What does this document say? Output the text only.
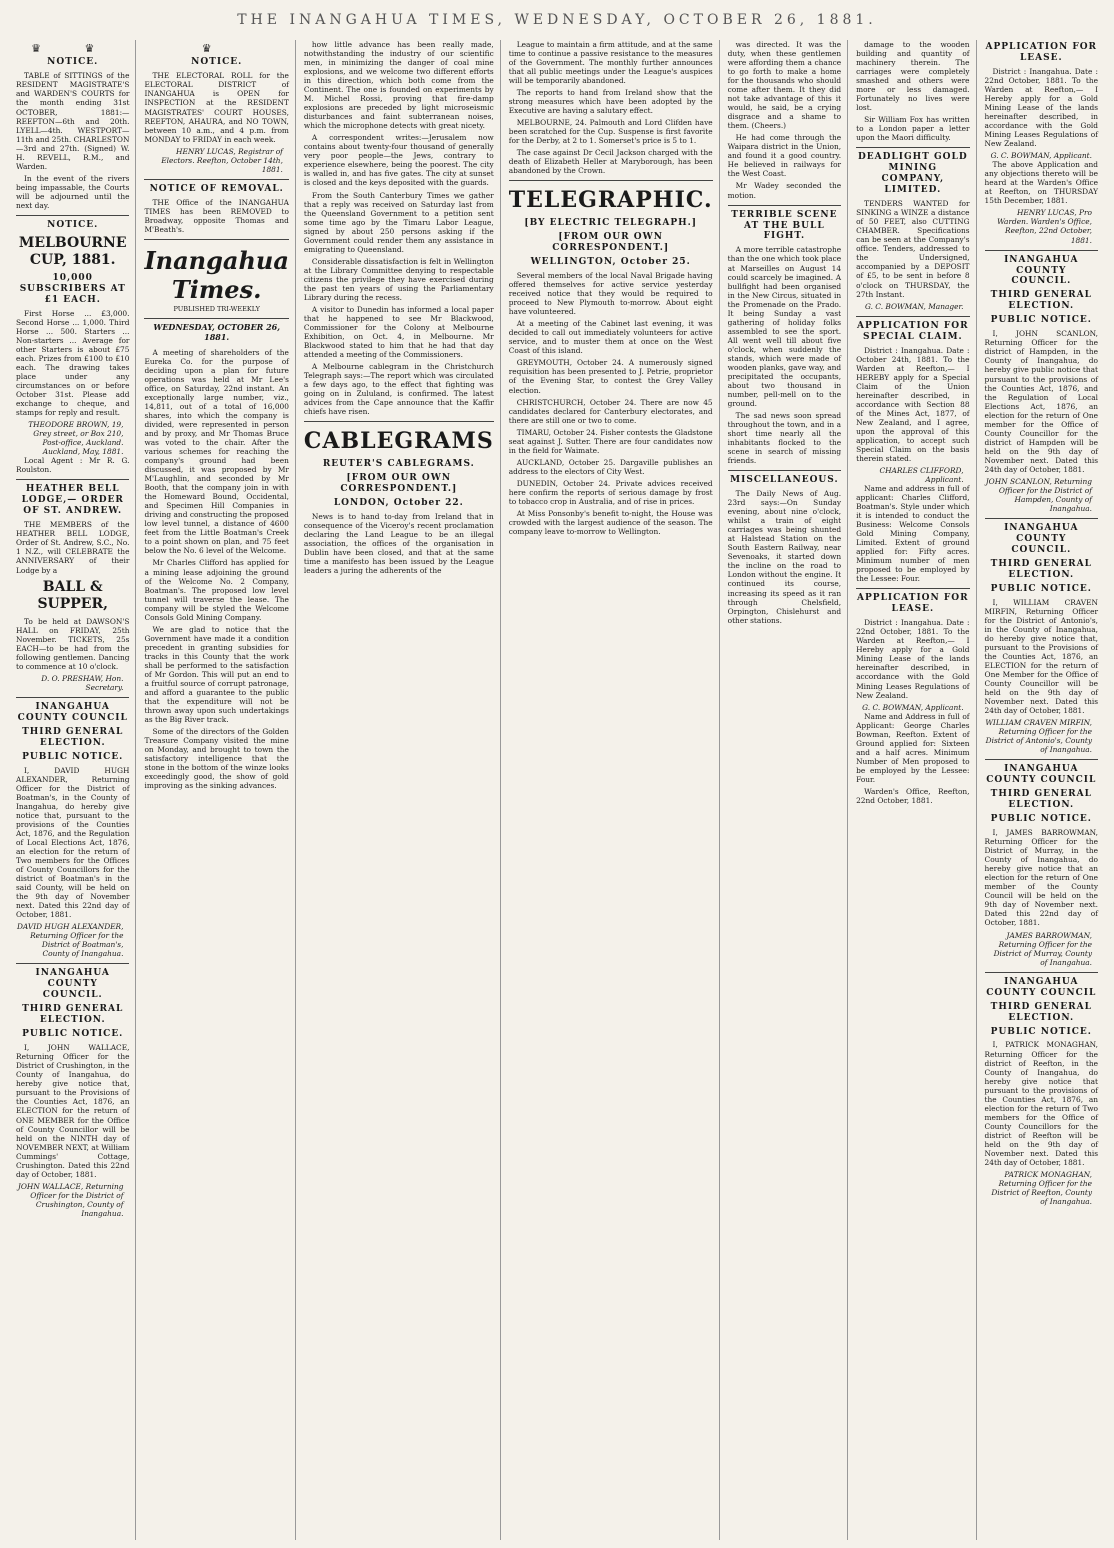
THE INANGAHUA TIMES, WEDNESDAY, OCTOBER 26, 1881.
♛ ♛
NOTICE.

TABLE of SITTINGS of the RESIDENT MAGISTRATE'S and WARDEN'S COURTS for the month ending 31st OCTOBER, 1881:— REEFTON—6th and 20th. LYELL—4th. WESTPORT—11th and 25th. CHARLESTON—3rd and 27th. (Signed) W. H. REVELL, R.M., and Warden.

In the event of the rivers being impassable, the Courts will be adjourned until the next day.

NOTICE.
MELBOURNE CUP, 1881.
10,000 SUBSCRIBERS AT £1 EACH.

First Horse ... £3,000. Second Horse ... 1,000. Third Horse ... 500. Starters ... Non-starters ... Average for other Starters is about £75 each. Prizes from £100 to £10 each. The drawing takes place under any circumstances on or before October 31st. Please add exchange to cheque, and stamps for reply and result.

THEODORE BROWN, 19, Grey street, or Box 210, Post-office, Auckland. Auckland, May, 1881.

Local Agent : Mr R. G. Roulston.

HEATHER BELL LODGE,— ORDER OF ST. ANDREW.

THE MEMBERS of the HEATHER BELL LODGE, Order of St. Andrew, S.C., No. 1 N.Z., will CELEBRATE the ANNIVERSARY of their Lodge by a

BALL & SUPPER,

To be held at DAWSON'S HALL on FRIDAY, 25th November. TICKETS, 25s EACH—to be had from the following gentlemen. Dancing to commence at 10 o'clock.

D. O. PRESHAW, Hon. Secretary.
INANGAHUA COUNTY COUNCIL
THIRD GENERAL ELECTION.
PUBLIC NOTICE.

I, DAVID HUGH ALEXANDER, Returning Officer for the District of Boatman's, in the County of Inangahua, do hereby give notice that, pursuant to the provisions of the Counties Act, 1876, and the Regulation of Local Elections Act, 1876, an election for the return of Two members for the Offices of County Councillors for the district of Boatman's in the said County, will be held on the 9th day of November next. Dated this 22nd day of October, 1881.

DAVID HUGH ALEXANDER, Returning Officer for the District of Boatman's, County of Inangahua.
INANGAHUA COUNTY COUNCIL.
THIRD GENERAL ELECTION.
PUBLIC NOTICE.

I, JOHN WALLACE, Returning Officer for the District of Crushington, in the County of Inangahua, do hereby give notice that, pursuant to the Provisions of the Counties Act, 1876, an ELECTION for the return of ONE MEMBER for the Office of County Councillor will be held on the NINTH day of NOVEMBER NEXT, at William Cummings' Cottage, Crushington. Dated this 22nd day of October, 1881.

JOHN WALLACE, Returning Officer for the District of Crushington, County of Inangahua.
♛
NOTICE.

THE ELECTORAL ROLL for the ELECTORAL DISTRICT of INANGAHUA is OPEN for INSPECTION at the RESIDENT MAGISTRATES' COURT HOUSES, REEFTON, AHAURA, and NO TOWN, between 10 a.m., and 4 p.m. from MONDAY to FRIDAY in each week.

HENRY LUCAS, Registrar of Electors. Reefton, October 14th, 1881.
NOTICE OF REMOVAL.

THE Office of the INANGAHUA TIMES has been REMOVED to Broadway, opposite Thomas and M'Beath's.

Inangahua Times.
PUBLISHED TRI-WEEKLY
WEDNESDAY, OCTOBER 26, 1881.

A meeting of shareholders of the Eureka Co. for the purpose of deciding upon a plan for future operations was held at Mr Lee's office, on Saturday, 22nd instant. An exceptionally large number, viz., 14,811, out of a total of 16,000 shares, into which the company is divided, were represented in person and by proxy, and Mr Thomas Bruce was voted to the chair. After the various schemes for reaching the company's ground had been discussed, it was proposed by Mr M'Laughlin, and seconded by Mr Booth, that the company join in with the Homeward Bound, Occidental, and Specimen Hill Companies in driving and constructing the proposed low level tunnel, a distance of 4600 feet from the Little Boatman's Creek to a point shown on plan, and 75 feet below the No. 6 level of the Welcome.

Mr Charles Clifford has applied for a mining lease adjoining the ground of the Welcome No. 2 Company, Boatman's. The proposed low level tunnel will traverse the lease. The company will be styled the Welcome Consols Gold Mining Company.

We are glad to notice that the Government have made it a condition precedent in granting subsidies for tracks in this County that the work shall be performed to the satisfaction of Mr Gordon. This will put an end to a fruitful source of corrupt patronage, and afford a guarantee to the public that the expenditure will not be thrown away upon such undertakings as the Big River track.

Some of the directors of the Golden Treasure Company visited the mine on Monday, and brought to town the satisfactory intelligence that the stone in the bottom of the winze looks exceedingly good, the show of gold improving as the sinking advances.

how little advance has been really made, notwithstanding the industry of our scientific men, in minimizing the danger of coal mine explosions, and we welcome two different efforts in this direction, which both come from the Continent. The one is founded on experiments by M. Michel Rossi, proving that fire-damp explosions are preceded by light microseismic disturbances and faint subterranean noises, which the microphone detects with great nicety.

A correspondent writes:—Jerusalem now contains about twenty-four thousand of generally very poor people—the Jews, contrary to experience elsewhere, being the poorest. The city is walled in, and has five gates. The city at sunset is closed and the keys deposited with the guards.

From the South Canterbury Times we gather that a reply was received on Saturday last from the Queensland Government to a petition sent some time ago by the Timaru Labor League, signed by about 250 persons asking if the Government could render them any assistance in emigrating to Queensland.

Considerable dissatisfaction is felt in Wellington at the Library Committee denying to respectable citizens the privilege they have exercised during the past ten years of using the Parliamentary Library during the recess.

A visitor to Dunedin has informed a local paper that he happened to see Mr Blackwood, Commissioner for the Colony at Melbourne Exhibition, on Oct. 4, in Melbourne. Mr Blackwood stated to him that he had that day attended a meeting of the Commissioners.

A Melbourne cablegram in the Christchurch Telegraph says:—The report which was circulated a few days ago, to the effect that fighting was going on in Zululand, is confirmed. The latest advices from the Cape announce that the Kaffir chiefs have risen.

CABLEGRAMS
REUTER'S CABLEGRAMS.
[FROM OUR OWN CORRESPONDENT.]
LONDON, October 22.

News is to hand to-day from Ireland that in consequence of the Viceroy's recent proclamation declaring the Land League to be an illegal association, the offices of the organisation in Dublin have been closed, and that at the same time a manifesto has been issued by the League leaders a juring the adherents of the

League to maintain a firm attitude, and at the same time to continue a passive resistance to the measures of the Government. The monthly further announces that all public meetings under the League's auspices will be temporarily abandoned.

The reports to hand from Ireland show that the strong measures which have been adopted by the Executive are having a salutary effect.

MELBOURNE, 24. Palmouth and Lord Clifden have been scratched for the Cup. Suspense is first favorite for the Derby, at 2 to 1. Somerset's price is 5 to 1.

The case against Dr Cecil Jackson charged with the death of Elizabeth Heller at Maryborough, has been abandoned by the Crown.

TELEGRAPHIC.
[BY ELECTRIC TELEGRAPH.]
[FROM OUR OWN CORRESPONDENT.]
WELLINGTON, October 25.

Several members of the local Naval Brigade having offered themselves for active service yesterday received notice that they would be required to proceed to New Plymouth to-morrow. About eight have volunteered.

At a meeting of the Cabinet last evening, it was decided to call out immediately volunteers for active service, and to muster them at once on the West Coast of this island.

GREYMOUTH, October 24. A numerously signed requisition has been presented to J. Petrie, proprietor of the Evening Star, to contest the Grey Valley election.

CHRISTCHURCH, October 24. There are now 45 candidates declared for Canterbury electorates, and there are still one or two to come.

TIMARU, October 24. Fisher contests the Gladstone seat against J. Sutter. There are four candidates now in the field for Waimate.

AUCKLAND, October 25. Dargaville publishes an address to the electors of City West.

DUNEDIN, October 24. Private advices received here confirm the reports of serious damage by frost to tobacco crop in Australia, and of rise in prices.

At Miss Ponsonby's benefit to-night, the House was crowded with the largest audience of the season. The company leave to-morrow to Wellington.

was directed. It was the duty, when these gentlemen were affording them a chance to go forth to make a home for the thousands who should come after them. It they did not take advantage of this it would, he said, be a crying disgrace and a shame to them. (Cheers.)

He had come through the Waipara district in the Union, and found it a good country. He believed in railways for the West Coast.

Mr Wadey seconded the motion.

TERRIBLE SCENE AT THE BULL FIGHT.

A more terrible catastrophe than the one which took place at Marseilles on August 14 could scarcely be imagined. A bullfight had been organised in the New Circus, situated in the Promenade on the Prado. It being Sunday a vast gathering of holiday folks assembled to see the sport. All went well till about five o'clock, when suddenly the stands, which were made of wooden planks, gave way, and precipitated the occupants, about two thousand in number, pell-mell on to the ground.

The sad news soon spread throughout the town, and in a short time nearly all the inhabitants flocked to the scene in search of missing friends.

MISCELLANEOUS.

The Daily News of Aug. 23rd says:—On Sunday evening, about nine o'clock, whilst a train of eight carriages was being shunted at Halstead Station on the South Eastern Railway, near Sevenoaks, it started down the incline on the road to London without the engine. It continued its course, increasing its speed as it ran through Chelsfield, Orpington, Chislehurst and other stations.

damage to the wooden building and quantity of machinery therein. The carriages were completely smashed and others were more or less damaged. Fortunately no lives were lost.

Sir William Fox has written to a London paper a letter upon the Maori difficulty.

DEADLIGHT GOLD MINING COMPANY, LIMITED.

TENDERS WANTED for SINKING a WINZE a distance of 50 FEET, also CUTTING CHAMBER. Specifications can be seen at the Company's office. Tenders, addressed to the Undersigned, accompanied by a DEPOSIT of £5, to be sent in before 8 o'clock on THURSDAY, the 27th Instant.

G. C. BOWMAN, Manager.
APPLICATION FOR SPECIAL CLAIM.

District : Inangahua. Date : October 24th, 1881. To the Warden at Reefton,— I HEREBY apply for a Special Claim of the Union hereinafter described, in accordance with Section 88 of the Mines Act, 1877, of New Zealand, and I agree, upon the approval of this application, to accept such Special Claim on the basis therein stated.

CHARLES CLIFFORD, Applicant.

Name and address in full of applicant: Charles Clifford, Boatman's. Style under which it is intended to conduct the Business: Welcome Consols Gold Mining Company, Limited. Extent of ground applied for: Fifty acres. Minimum number of men proposed to be employed by the Lessee: Four.

APPLICATION FOR LEASE.

District : Inangahua. Date : 22nd October, 1881. To the Warden at Reefton,— I Hereby apply for a Gold Mining Lease of the lands hereinafter described, in accordance with the Gold Mining Leases Regulations of New Zealand.

G. C. BOWMAN, Applicant.

Name and Address in full of Applicant: George Charles Bowman, Reefton. Extent of Ground applied for: Sixteen and a half acres. Minimum Number of Men proposed to be employed by the Lessee: Four.

Warden's Office, Reefton, 22nd October, 1881.

APPLICATION FOR LEASE.

District : Inangahua. Date : 22nd October, 1881. To the Warden at Reefton,— I Hereby apply for a Gold Mining Lease of the lands hereinafter described, in accordance with the Gold Mining Leases Regulations of New Zealand.

G. C. BOWMAN, Applicant.

The above Application and any objections thereto will be heard at the Warden's Office at Reefton, on THURSDAY 15th December, 1881.

HENRY LUCAS, Pro Warden. Warden's Office, Reefton, 22nd October, 1881.
INANGAHUA COUNTY COUNCIL.
THIRD GENERAL ELECTION.
PUBLIC NOTICE.

I, JOHN SCANLON, Returning Officer for the district of Hampden, in the County of Inangahua, do hereby give public notice that pursuant to the provisions of the Counties Act, 1876, and the Regulation of Local Elections Act, 1876, an election for the return of One member for the Office of County Councillor for the district of Hampden will be held on the 9th day of November next. Dated this 24th day of October, 1881.

JOHN SCANLON, Returning Officer for the District of Hampden, County of Inangahua.
INANGAHUA COUNTY COUNCIL.
THIRD GENERAL ELECTION.
PUBLIC NOTICE.

I, WILLIAM CRAVEN MIRFIN, Returning Officer for the District of Antonio's, in the County of Inangahua, do hereby give notice that, pursuant to the Provisions of the Counties Act, 1876, an ELECTION for the return of One Member for the Office of County Councillor will be held on the 9th day of November next. Dated this 24th day of October, 1881.

WILLIAM CRAVEN MIRFIN, Returning Officer for the District of Antonio's, County of Inangahua.
INANGAHUA COUNTY COUNCIL
THIRD GENERAL ELECTION.
PUBLIC NOTICE.

I, JAMES BARROWMAN, Returning Officer for the District of Murray, in the County of Inangahua, do hereby give notice that an election for the return of One member of the County Council will be held on the 9th day of November next. Dated this 22nd day of October, 1881.

JAMES BARROWMAN, Returning Officer for the District of Murray, County of Inangahua.
INANGAHUA COUNTY COUNCIL
THIRD GENERAL ELECTION.
PUBLIC NOTICE.

I, PATRICK MONAGHAN, Returning Officer for the district of Reefton, in the County of Inangahua, do hereby give notice that pursuant to the provisions of the Counties Act, 1876, an election for the return of Two members for the Office of County Councillors for the district of Reefton will be held on the 9th day of November next. Dated this 24th day of October, 1881.

PATRICK MONAGHAN, Returning Officer for the District of Reefton, County of Inangahua.
